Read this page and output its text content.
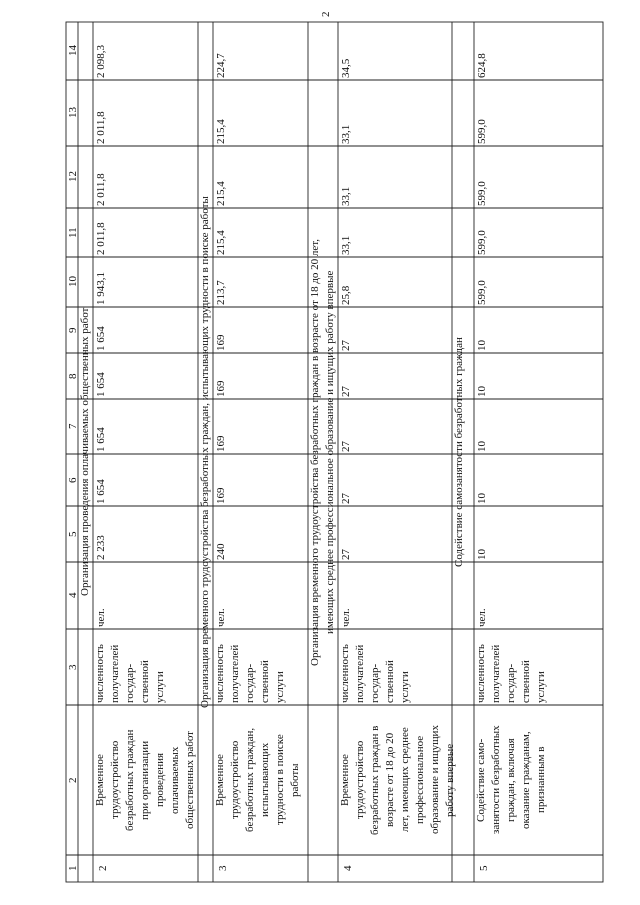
2
1
2
3
4
5
6
7
8
9
10
11
12
13
14
Организация проведения оплачиваемых общественных работ	Организация временного трудоустройства безработных граждан, испытывающих трудности в поиске работы	Организация временного трудоустройства безработных граждан в возрасте от 18 до 20 лет,
имеющих среднее профессиональное образование и ищущих работу впервые
Содействие самозанятости безработных граждан
2
Временное
трудоустройство
безработных граждан
при организации
проведения
оплачиваемых
общественных работ
численность
получателей
государ-
ственной
услуги
чел.
2 233
1 654
1 654
1 654
1 654
1 943,1
2 011,8
2 011,8
2 011,8
2 098,3
3
Временное
трудоустройство
безработных граждан,
испытывающих
трудности в поиске
работы
численность
получателей
государ-
ственной
услуги
чел.
240
169
169
169
169
213,7
215,4
215,4
215,4
224,7
4
Временное
трудоустройство
безработных граждан в
возрасте от 18 до 20
лет, имеющих среднее
профессиональное
образование и ищущих
работу впервые
численность
получателей
государ-
ственной
услуги
чел.
27
27
27
27
27
25,8
33,1
33,1
33,1
34,5
5
Содействие само-
занятости безработных
граждан, включая
оказание гражданам,
признанным в
численность
получателей
государ-
ственной
услуги
чел.
10
10
10
10
10
599,0
599,0
599,0
599,0
624,8
